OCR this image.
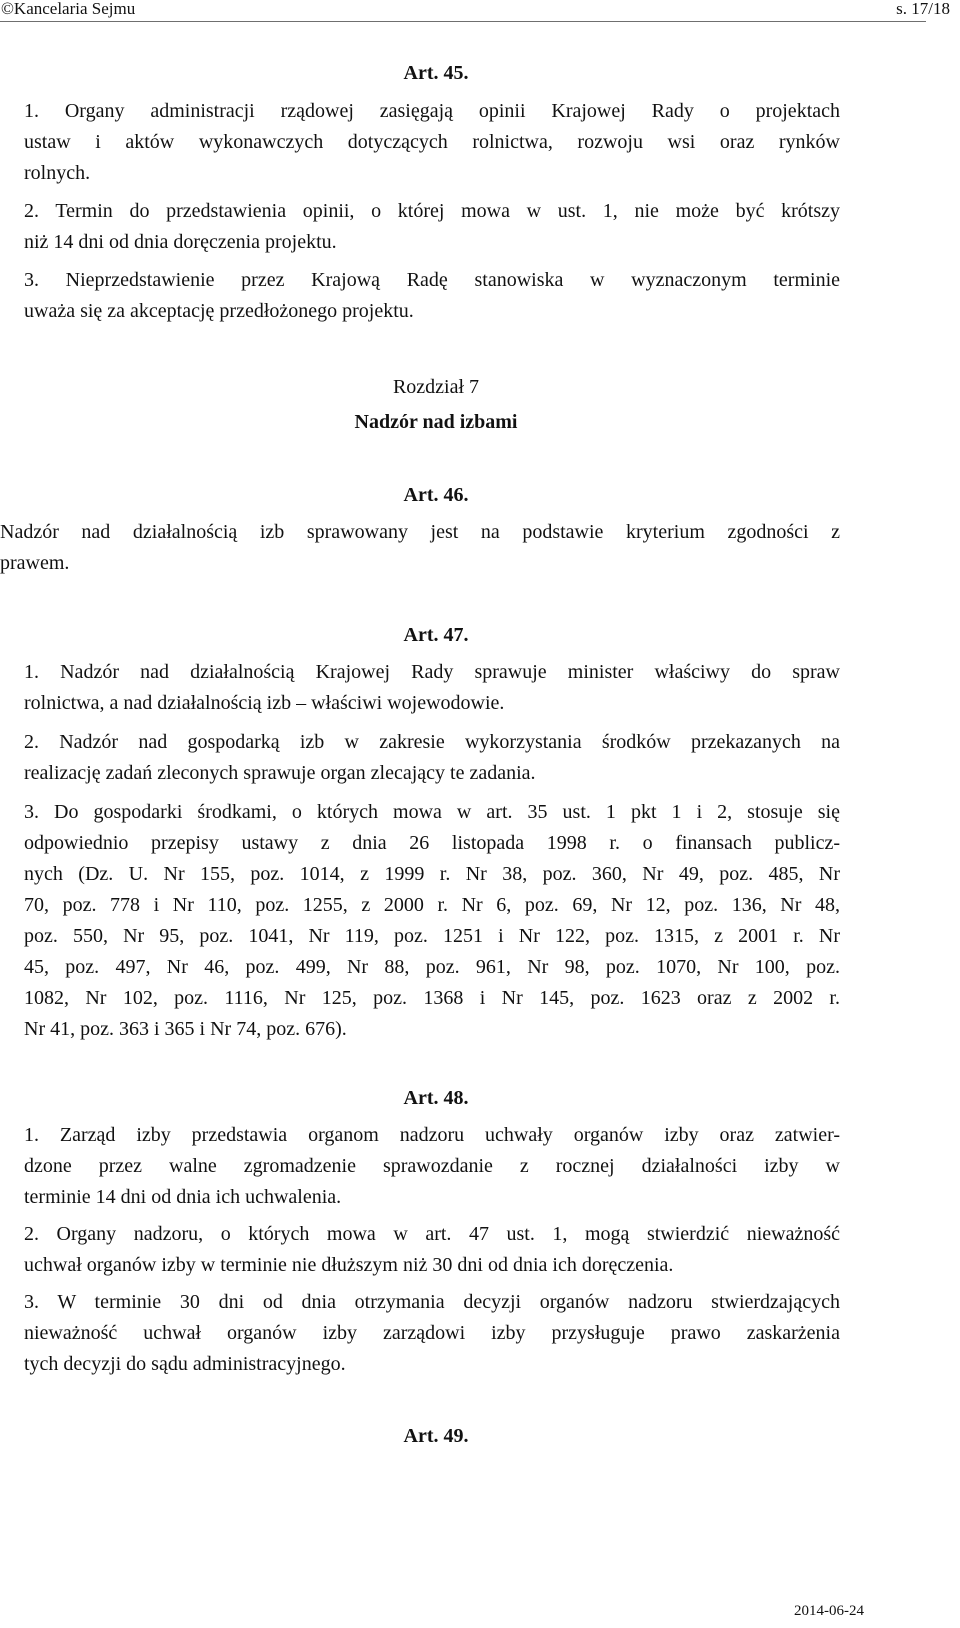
©Kancelaria Sejmu	s. 17/18
Art. 45.
1. Organy administracji rządowej zasięgają opinii Krajowej Rady o projektach
ustaw i aktów wykonawczych dotyczących rolnictwa, rozwoju wsi oraz rynków
rolnych.
2. Termin do przedstawienia opinii, o której mowa w ust. 1, nie może być krótszy
niż 14 dni od dnia doręczenia projektu.
3. Nieprzedstawienie przez Krajową Radę stanowiska w wyznaczonym terminie
uważa się za akceptację przedłożonego projektu.
Rozdział 7
Nadzór nad izbami
Art. 46.
Nadzór nad działalnością izb sprawowany jest na podstawie kryterium zgodności z
prawem.
Art. 47.
1. Nadzór nad działalnością Krajowej Rady sprawuje minister właściwy do spraw
rolnictwa, a nad działalnością izb – właściwi wojewodowie.
2. Nadzór nad gospodarką izb w zakresie wykorzystania środków przekazanych na
realizację zadań zleconych sprawuje organ zlecający te zadania.
3. Do gospodarki środkami, o których mowa w art. 35 ust. 1 pkt 1 i 2, stosuje się
odpowiednio przepisy ustawy z dnia 26 listopada 1998 r. o finansach publicz-
nych (Dz. U. Nr 155, poz. 1014, z 1999 r. Nr 38, poz. 360, Nr 49, poz. 485, Nr
70, poz. 778 i Nr 110, poz. 1255, z 2000 r. Nr 6, poz. 69, Nr 12, poz. 136, Nr 48,
poz. 550, Nr 95, poz. 1041, Nr 119, poz. 1251 i Nr 122, poz. 1315, z 2001 r. Nr
45, poz. 497, Nr 46, poz. 499, Nr 88, poz. 961, Nr 98, poz. 1070, Nr 100, poz.
1082, Nr 102, poz. 1116, Nr 125, poz. 1368 i Nr 145, poz. 1623 oraz z 2002 r.
Nr 41, poz. 363 i 365 i Nr 74, poz. 676).
Art. 48.
1. Zarząd izby przedstawia organom nadzoru uchwały organów izby oraz zatwier-
dzone przez walne zgromadzenie sprawozdanie z rocznej działalności izby w
terminie 14 dni od dnia ich uchwalenia.
2. Organy nadzoru, o których mowa w art. 47 ust. 1, mogą stwierdzić nieważność
uchwał organów izby w terminie nie dłuższym niż 30 dni od dnia ich doręczenia.
3. W terminie 30 dni od dnia otrzymania decyzji organów nadzoru stwierdzających
nieważność uchwał organów izby zarządowi izby przysługuje prawo zaskarżenia
tych decyzji do sądu administracyjnego.
Art. 49.
2014-06-24
